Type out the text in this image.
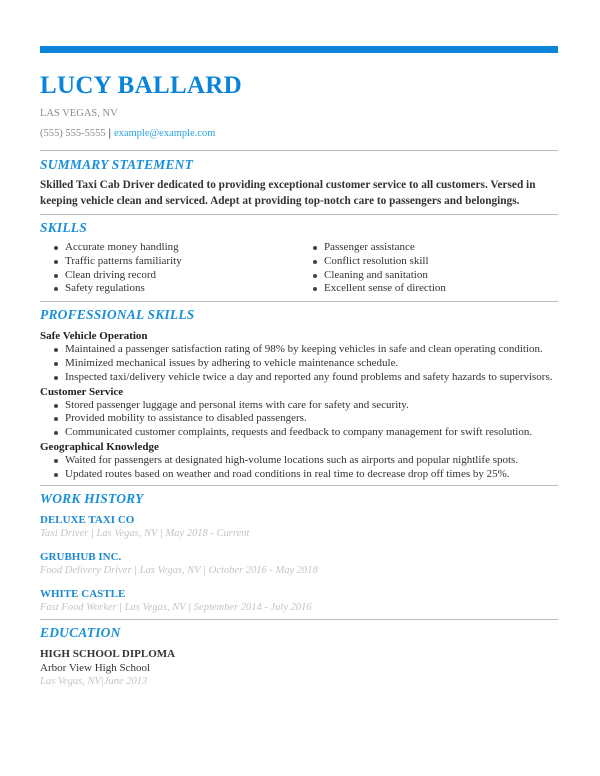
LUCY BALLARD
LAS VEGAS, NV
(555) 555-5555 | example@example.com
SUMMARY STATEMENT
Skilled Taxi Cab Driver dedicated to providing exceptional customer service to all customers. Versed in keeping vehicle clean and serviced. Adept at providing top-notch care to passengers and belongings.
SKILLS
Accurate money handling
Traffic patterns familiarity
Clean driving record
Safety regulations
Passenger assistance
Conflict resolution skill
Cleaning and sanitation
Excellent sense of direction
PROFESSIONAL SKILLS
Safe Vehicle Operation
Maintained a passenger satisfaction rating of 98% by keeping vehicles in safe and clean operating condition.
Minimized mechanical issues by adhering to vehicle maintenance schedule.
Inspected taxi/delivery vehicle twice a day and reported any found problems and safety hazards to supervisors.
Customer Service
Stored passenger luggage and personal items with care for safety and security.
Provided mobility to assistance to disabled passengers.
Communicated customer complaints, requests and feedback to company management for swift resolution.
Geographical Knowledge
Waited for passengers at designated high-volume locations such as airports and popular nightlife spots.
Updated routes based on weather and road conditions in real time to decrease drop off times by 25%.
WORK HISTORY
DELUXE TAXI CO
Taxi Driver | Las Vegas, NV | May 2018 - Current
GRUBHUB INC.
Food Delivery Driver | Las Vegas, NV | October 2016 - May 2018
WHITE CASTLE
Fast Food Worker | Las Vegas, NV | September 2014 - July 2016
EDUCATION
HIGH SCHOOL DIPLOMA
Arbor View High School
Las Vegas, NV|June 2013
